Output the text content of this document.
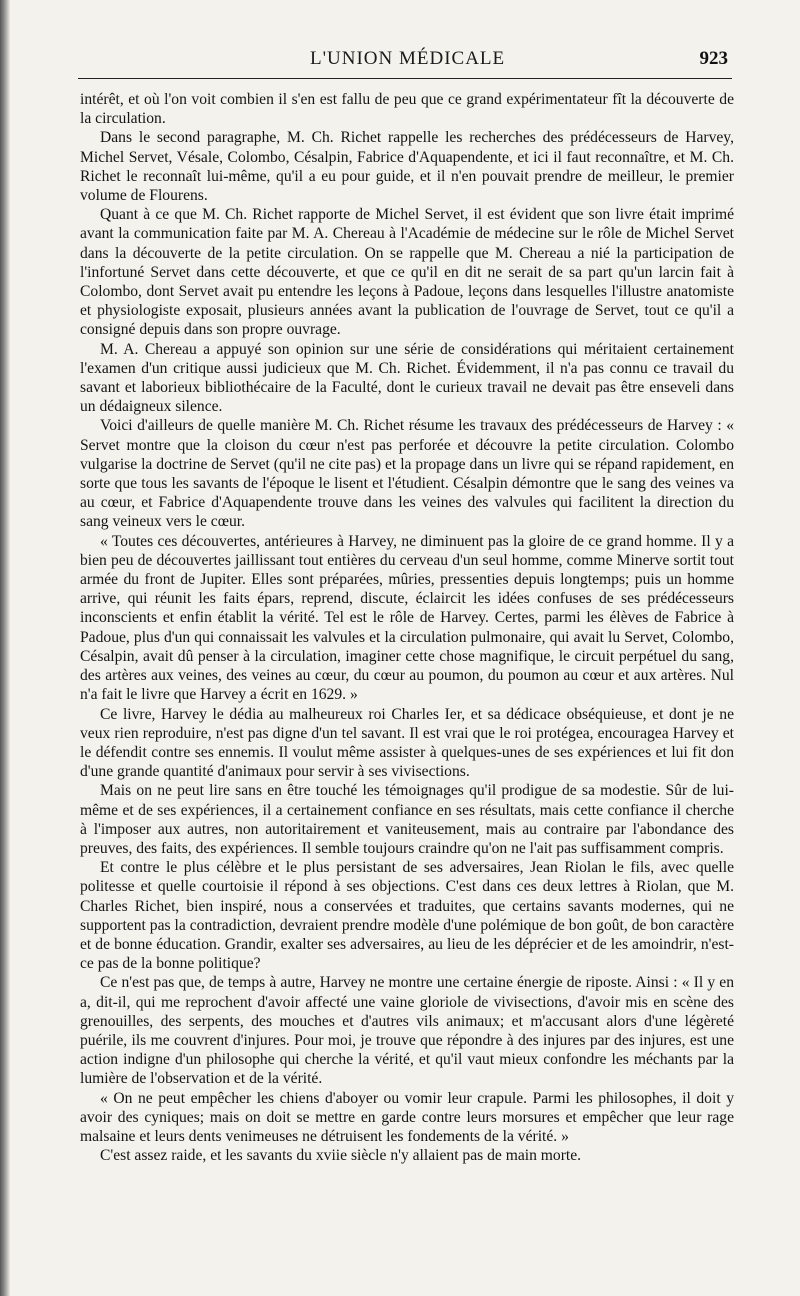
L'UNION MÉDICALE	923

intérêt, et où l'on voit combien il s'en est fallu de peu que ce grand expérimentateur fît la découverte de la circulation.

Dans le second paragraphe, M. Ch. Richet rappelle les recherches des prédécesseurs de Harvey, Michel Servet, Vésale, Colombo, Césalpin, Fabrice d'Aquapendente, et ici il faut reconnaître, et M. Ch. Richet le reconnaît lui-même, qu'il a eu pour guide, et il n'en pouvait prendre de meilleur, le premier volume de Flourens.

Quant à ce que M. Ch. Richet rapporte de Michel Servet, il est évident que son livre était imprimé avant la communication faite par M. A. Chereau à l'Académie de médecine sur le rôle de Michel Servet dans la découverte de la petite circulation. On se rappelle que M. Chereau a nié la participation de l'infortuné Servet dans cette découverte, et que ce qu'il en dit ne serait de sa part qu'un larcin fait à Colombo, dont Servet avait pu entendre les leçons à Padoue, leçons dans lesquelles l'illustre anatomiste et physiologiste exposait, plusieurs années avant la publication de l'ouvrage de Servet, tout ce qu'il a consigné depuis dans son propre ouvrage.

M. A. Chereau a appuyé son opinion sur une série de considérations qui méritaient certainement l'examen d'un critique aussi judicieux que M. Ch. Richet. Évidemment, il n'a pas connu ce travail du savant et laborieux bibliothécaire de la Faculté, dont le curieux travail ne devait pas être enseveli dans un dédaigneux silence.

Voici d'ailleurs de quelle manière M. Ch. Richet résume les travaux des prédécesseurs de Harvey : « Servet montre que la cloison du cœur n'est pas perforée et découvre la petite circulation. Colombo vulgarise la doctrine de Servet (qu'il ne cite pas) et la propage dans un livre qui se répand rapidement, en sorte que tous les savants de l'époque le lisent et l'étudient. Césalpin démontre que le sang des veines va au cœur, et Fabrice d'Aquapendente trouve dans les veines des valvules qui facilitent la direction du sang veineux vers le cœur.

« Toutes ces découvertes, antérieures à Harvey, ne diminuent pas la gloire de ce grand homme. Il y a bien peu de découvertes jaillissant tout entières du cerveau d'un seul homme, comme Minerve sortit tout armée du front de Jupiter. Elles sont préparées, mûries, pressenties depuis longtemps; puis un homme arrive, qui réunit les faits épars, reprend, discute, éclaircit les idées confuses de ses prédécesseurs inconscients et enfin établit la vérité. Tel est le rôle de Harvey. Certes, parmi les élèves de Fabrice à Padoue, plus d'un qui connaissait les valvules et la circulation pulmonaire, qui avait lu Servet, Colombo, Césalpin, avait dû penser à la circulation, imaginer cette chose magnifique, le circuit perpétuel du sang, des artères aux veines, des veines au cœur, du cœur au poumon, du poumon au cœur et aux artères. Nul n'a fait le livre que Harvey a écrit en 1629. »

Ce livre, Harvey le dédia au malheureux roi Charles Ier, et sa dédicace obséquieuse, et dont je ne veux rien reproduire, n'est pas digne d'un tel savant. Il est vrai que le roi protégea, encouragea Harvey et le défendit contre ses ennemis. Il voulut même assister à quelques-unes de ses expériences et lui fit don d'une grande quantité d'animaux pour servir à ses vivisections.

Mais on ne peut lire sans en être touché les témoignages qu'il prodigue de sa modestie. Sûr de lui-même et de ses expériences, il a certainement confiance en ses résultats, mais cette confiance il cherche à l'imposer aux autres, non autoritairement et vaniteusement, mais au contraire par l'abondance des preuves, des faits, des expériences. Il semble toujours craindre qu'on ne l'ait pas suffisamment compris.

Et contre le plus célèbre et le plus persistant de ses adversaires, Jean Riolan le fils, avec quelle politesse et quelle courtoisie il répond à ses objections. C'est dans ces deux lettres à Riolan, que M. Charles Richet, bien inspiré, nous a conservées et traduites, que certains savants modernes, qui ne supportent pas la contradiction, devraient prendre modèle d'une polémique de bon goût, de bon caractère et de bonne éducation. Grandir, exalter ses adversaires, au lieu de les déprécier et de les amoindrir, n'est-ce pas de la bonne politique?

Ce n'est pas que, de temps à autre, Harvey ne montre une certaine énergie de riposte. Ainsi : « Il y en a, dit-il, qui me reprochent d'avoir affecté une vaine gloriole de vivisections, d'avoir mis en scène des grenouilles, des serpents, des mouches et d'autres vils animaux; et m'accusant alors d'une légèreté puérile, ils me couvrent d'injures. Pour moi, je trouve que répondre à des injures par des injures, est une action indigne d'un philosophe qui cherche la vérité, et qu'il vaut mieux confondre les méchants par la lumière de l'observation et de la vérité.

« On ne peut empêcher les chiens d'aboyer ou vomir leur crapule. Parmi les philosophes, il doit y avoir des cyniques; mais on doit se mettre en garde contre leurs morsures et empêcher que leur rage malsaine et leurs dents venimeuses ne détruisent les fondements de la vérité. »

C'est assez raide, et les savants du xviie siècle n'y allaient pas de main morte.
